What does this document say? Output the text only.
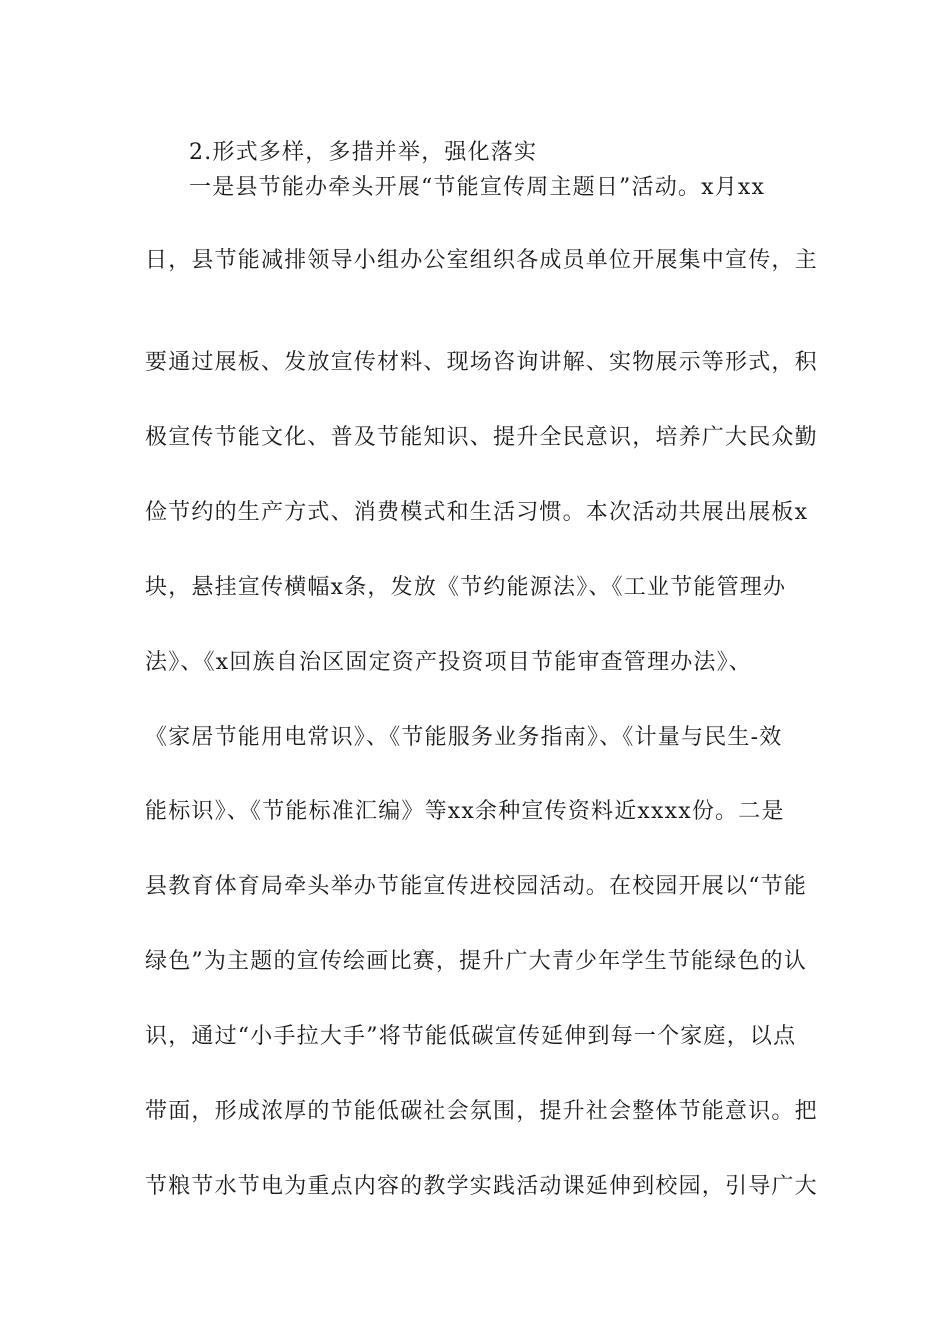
2.形式多样，多措并举，强化落实
一是县节能办牵头开展“节能宣传周主题日”活动。x月xx
日，县节能减排领导小组办公室组织各成员单位开展集中宣传，主
要通过展板、发放宣传材料、现场咨询讲解、实物展示等形式，积
极宣传节能文化、普及节能知识、提升全民意识，培养广大民众勤
俭节约的生产方式、消费模式和生活习惯。本次活动共展出展板x
块，悬挂宣传横幅x条，发放《节约能源法》、《工业节能管理办
法》、《x回族自治区固定资产投资项目节能审查管理办法》、
《家居节能用电常识》、《节能服务业务指南》、《计量与民生-效
能标识》、《节能标准汇编》等xx余种宣传资料近xxxx份。二是
县教育体育局牵头举办节能宣传进校园活动。在校园开展以“节能
绿色”为主题的宣传绘画比赛，提升广大青少年学生节能绿色的认
识，通过“小手拉大手”将节能低碳宣传延伸到每一个家庭，以点
带面，形成浓厚的节能低碳社会氛围，提升社会整体节能意识。把
节粮节水节电为重点内容的教学实践活动课延伸到校园，引导广大
